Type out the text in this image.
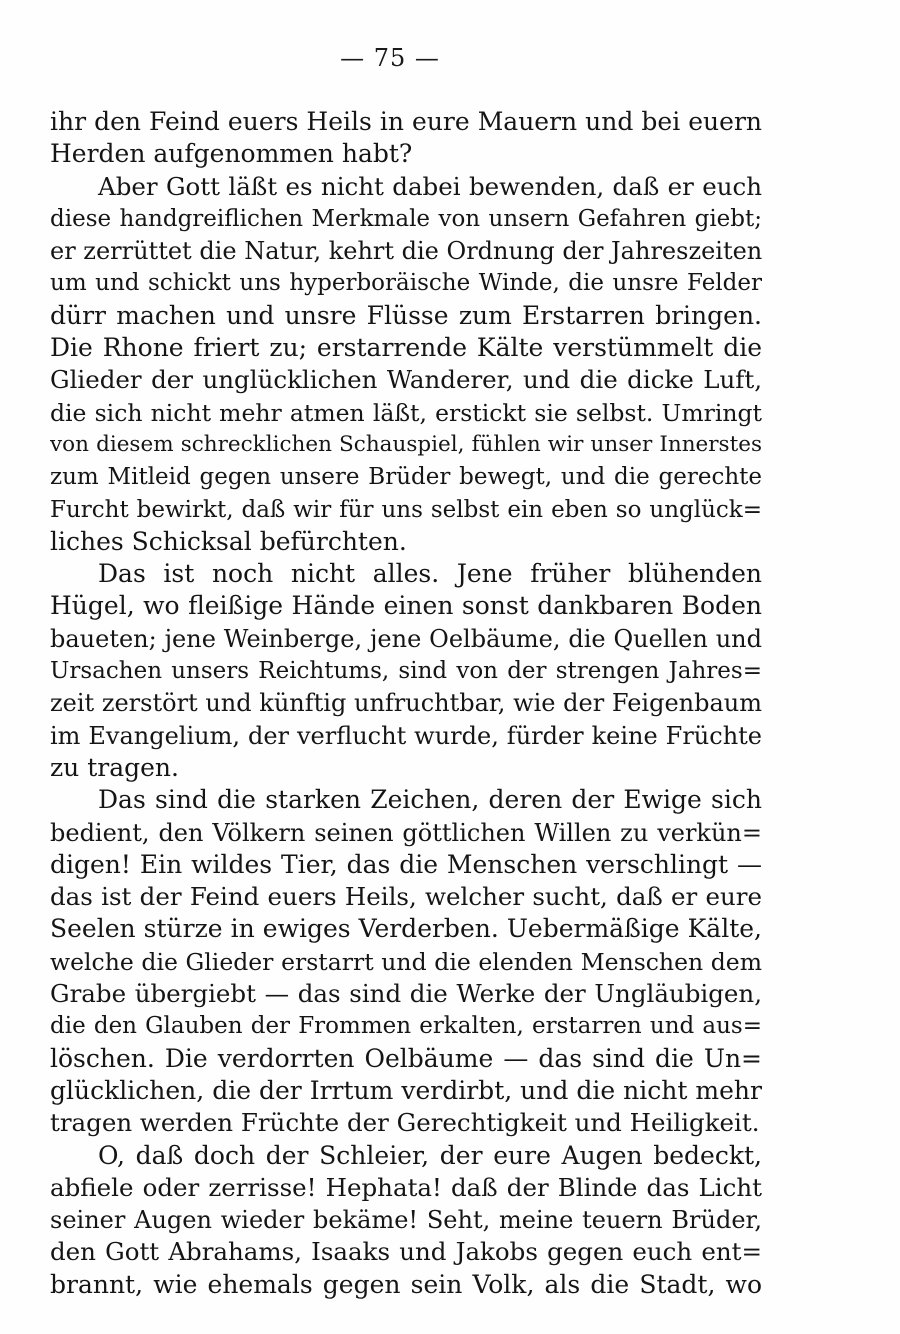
— 75 —
ihr den Feind euers Heils in eure Mauern und bei euern
Herden aufgenommen habt?
Aber Gott läßt es nicht dabei bewenden, daß er euch
diese handgreiflichen Merkmale von unsern Gefahren giebt;
er zerrüttet die Natur, kehrt die Ordnung der Jahreszeiten
um und schickt uns hyperboräische Winde, die unsre Felder
dürr machen und unsre Flüsse zum Erstarren bringen.
Die Rhone friert zu; erstarrende Kälte verstümmelt die
Glieder der unglücklichen Wanderer, und die dicke Luft,
die sich nicht mehr atmen läßt, erstickt sie selbst. Umringt
von diesem schrecklichen Schauspiel, fühlen wir unser Innerstes
zum Mitleid gegen unsere Brüder bewegt, und die gerechte
Furcht bewirkt, daß wir für uns selbst ein eben so unglück=
liches Schicksal befürchten.
Das ist noch nicht alles. Jene früher blühenden
Hügel, wo fleißige Hände einen sonst dankbaren Boden
baueten; jene Weinberge, jene Oelbäume, die Quellen und
Ursachen unsers Reichtums, sind von der strengen Jahres=
zeit zerstört und künftig unfruchtbar, wie der Feigenbaum
im Evangelium, der verflucht wurde, fürder keine Früchte
zu tragen.
Das sind die starken Zeichen, deren der Ewige sich
bedient, den Völkern seinen göttlichen Willen zu verkün=
digen! Ein wildes Tier, das die Menschen verschlingt —
das ist der Feind euers Heils, welcher sucht, daß er eure
Seelen stürze in ewiges Verderben. Uebermäßige Kälte,
welche die Glieder erstarrt und die elenden Menschen dem
Grabe übergiebt — das sind die Werke der Ungläubigen,
die den Glauben der Frommen erkalten, erstarren und aus=
löschen. Die verdorrten Oelbäume — das sind die Un=
glücklichen, die der Irrtum verdirbt, und die nicht mehr
tragen werden Früchte der Gerechtigkeit und Heiligkeit.
O, daß doch der Schleier, der eure Augen bedeckt,
abfiele oder zerrisse! Hephata! daß der Blinde das Licht
seiner Augen wieder bekäme! Seht, meine teuern Brüder,
den Gott Abrahams, Isaaks und Jakobs gegen euch ent=
brannt, wie ehemals gegen sein Volk, als die Stadt, wo
